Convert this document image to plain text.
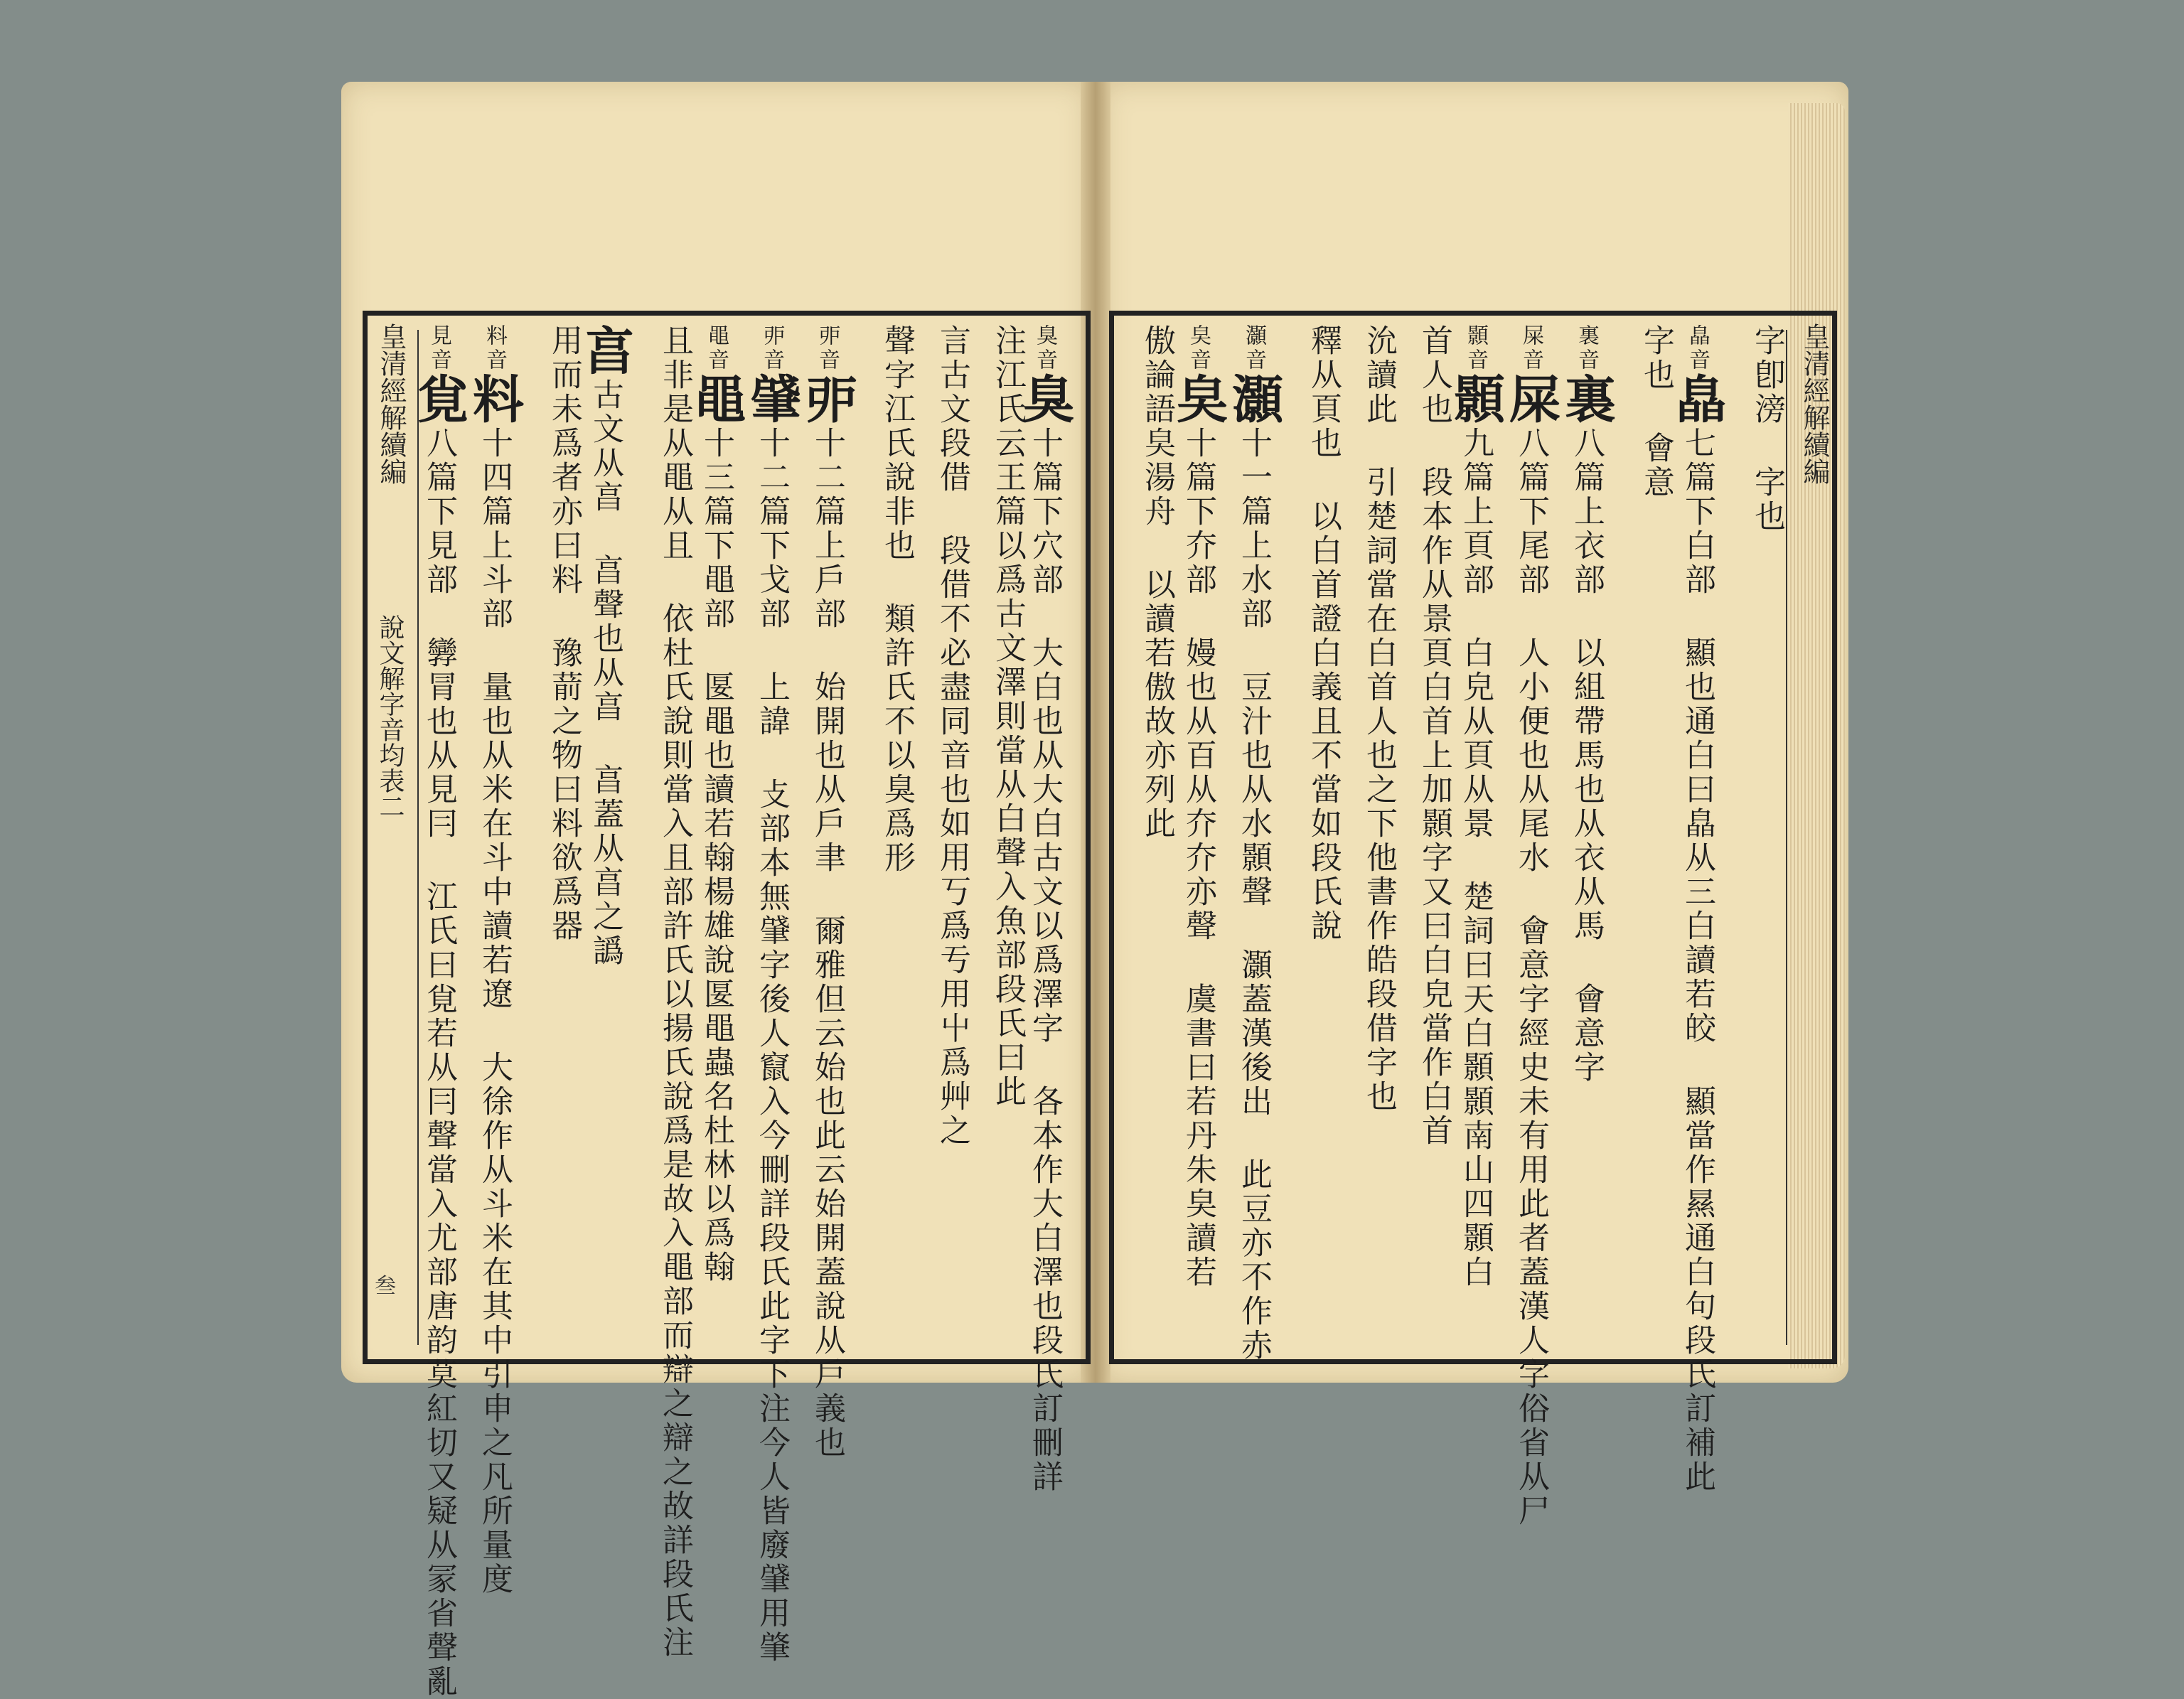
皇清經解續編
說文解字音均表二
叁
見音覍八篇下見部 㝈冐也从見冃 江氏曰覍若从冃聲當入尤部唐韵莫紅切又疑从冡省聲亂
料音料十四篇上斗部 量也从米在斗中讀若遼 大徐作从斗米在其中引申之凡所量度	用而未爲者亦曰料 豫葥之物曰料欲爲器
亯古文从亯 亯聲也从亯 亯蓋从亯之譌	且非是从黽从且 依杜氏說則當入且部許氏以揚氏說爲是故入黽部而辯之辯之故詳段氏注 黽音黽十三篇下黽部 匽黽也讀若翰楊雄說匽黽蟲名杜林以爲翰
戼音肈十二篇下戈部 上諱 攴部本無肈字後人竄入今刪詳段氏此字下注今人皆廢肈用肇
戼音戼十二篇上戶部 始開也从戶聿 爾雅但云始也此云始開蓋說从戶義也	聲字江氏說非也 類許氏不以臭爲形 言古文段借 段借不必盡同音也如用丂爲亐用屮爲艸之 注江氏云王篇以爲古文澤則當从白聲入魚部段氏曰此 臭音臭十篇下穴部 大白也从大白古文以爲澤字 各本作大白澤也段氏訂刪詳	傲論語㚖湯舟 以讀若傲故亦列此 㚖音㚖十篇下夰部 嫚也从百从夰夰亦聲 虞書曰若丹朱㚖讀若
灝音灝十一篇上水部 豆汁也从水顥聲 灝蓋漢後出 此豆亦不作赤	釋从頁也 以白首證白義且不當如段氏說 沇讀此 引楚詞當在白首人也之下他書作皓段借字也 首人也 段本作从景頁白首上加顥字又曰白皃當作白首 顥音顥九篇上頁部 白皃从頁从景 楚詞曰天白顥顥南山四顥白
屎音屎八篇下尾部 人小便也从尾水 會意字經史未有用此者蓋漢人字俗省从尸
裏音裏八篇上衣部 以組帶馬也从衣从馬 會意字
字也 會意 皛音皛七篇下白部 顯也通白曰皛从三白讀若皎 顯當作㬎通白句段氏訂補此	字卽滂 字也 皇清經解續編
